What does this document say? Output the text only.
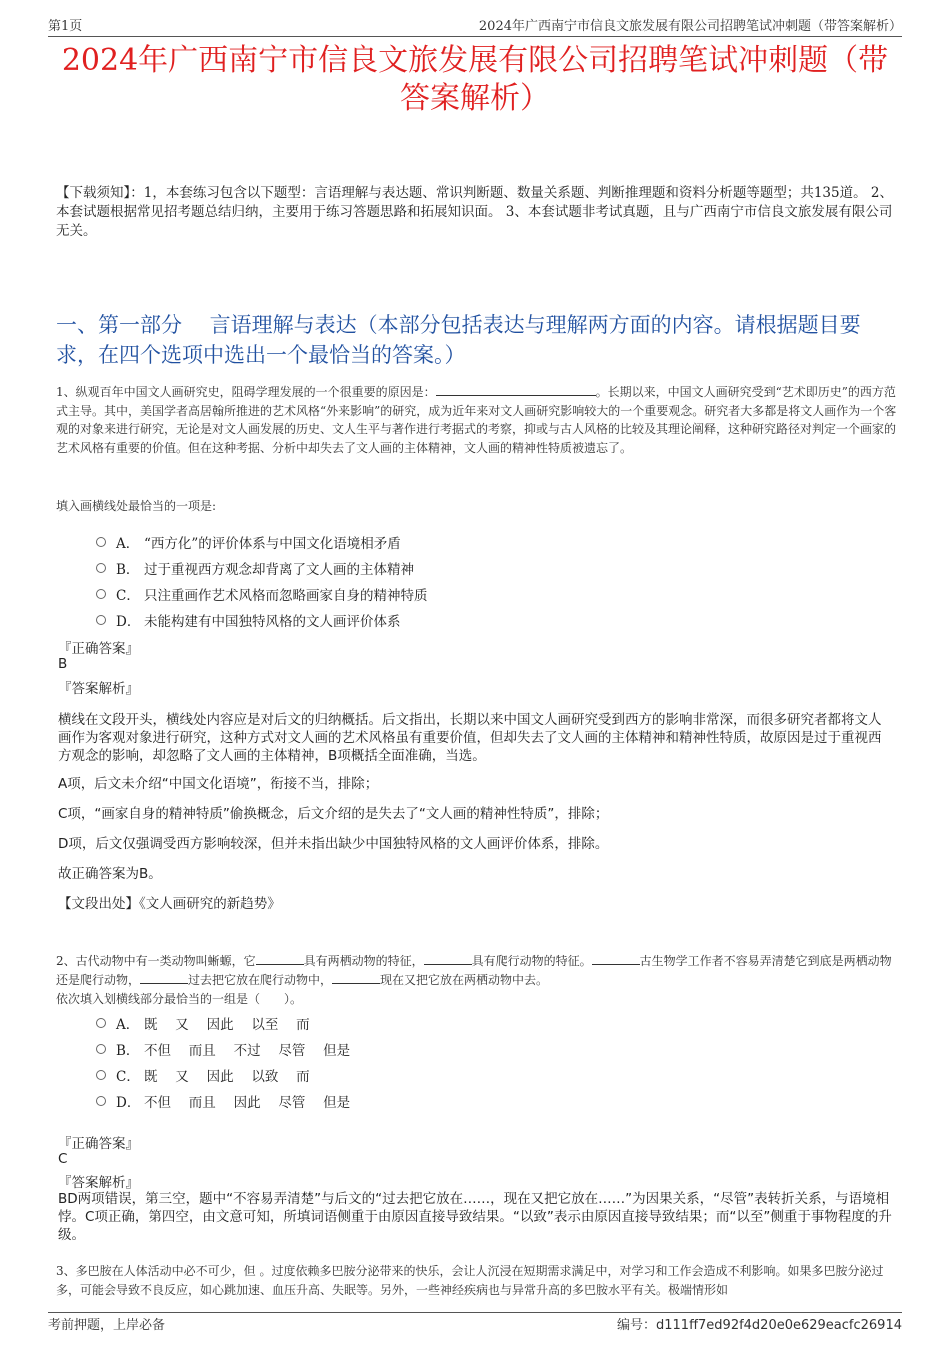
第1页	2024年广西南宁市信良文旅发展有限公司招聘笔试冲刺题（带答案解析）
2024年广西南宁市信良文旅发展有限公司招聘笔试冲刺题（带
答案解析）
【下载须知】：1，本套练习包含以下题型：言语理解与表达题、常识判断题、数量关系题、判断推理题和资料分析题等题型；共135道。 2、本套试题根据常见招考题总结归纳，主要用于练习答题思路和拓展知识面。 3、本套试题非考试真题，且与广西南宁市信良文旅发展有限公司无关。
一、第一部分　 言语理解与表达（本部分包括表达与理解两方面的内容。请根据题目要求，在四个选项中选出一个最恰当的答案。）
1、纵观百年中国文人画研究史，阻碍学理发展的一个很重要的原因是：	。长期以来，中国文人画研究受到“艺术即历史”的西方范式主导。其中，美国学者高居翰所推进的艺术风格“外来影响”的研究，成为近年来对文人画研究影响较大的一个重要观念。研究者大多都是将文人画作为一个客观的对象来进行研究，无论是对文人画发展的历史、文人生平与著作进行考据式的考察，抑或与古人风格的比较及其理论阐释，这种研究路径对判定一个画家的艺术风格有重要的价值。但在这种考据、分析中却失去了文人画的主体精神，文人画的精神性特质被遗忘了。
填入画横线处最恰当的一项是:
A． “西方化”的评价体系与中国文化语境相矛盾
B． 过于重视西方观念却背离了文人画的主体精神
C． 只注重画作艺术风格而忽略画家自身的精神特质
D． 未能构建有中国独特风格的文人画评价体系
『正确答案』
B
『答案解析』
横线在文段开头，横线处内容应是对后文的归纳概括。后文指出，长期以来中国文人画研究受到西方的影响非常深，而很多研究者都将文人画作为客观对象进行研究，这种方式对文人画的艺术风格虽有重要价值，但却失去了文人画的主体精神和精神性特质，故原因是过于重视西方观念的影响，却忽略了文人画的主体精神，B项概括全面准确，当选。
A项，后文未介绍“中国文化语境”，衔接不当，排除；
C项，“画家自身的精神特质”偷换概念，后文介绍的是失去了“文人画的精神性特质”，排除；
D项，后文仅强调受西方影响较深，但并未指出缺少中国独特风格的文人画评价体系，排除。
故正确答案为B。
【文段出处】《文人画研究的新趋势》
2、古代动物中有一类动物叫蜥螈，它	具有两栖动物的特征，	具有爬行动物的特征。	古生物学工作者不容易弄清楚它到底是两栖动物还是爬行动物，	过去把它放在爬行动物中，	现在又把它放在两栖动物中去。
依次填入划横线部分最恰当的一组是（　　）。
A． 既　 又　 因此　 以至　 而
B． 不但　 而且　 不过　 尽管　 但是
C． 既　 又　 因此　 以致　 而
D． 不但　 而且　 因此　 尽管　 但是
『正确答案』
C
『答案解析』
BD两项错误，第三空，题中“不容易弄清楚”与后文的“过去把它放在……，现在又把它放在……”为因果关系，“尽管”表转折关系，与语境相悖。C项正确，第四空，由文意可知，所填词语侧重于由原因直接导致结果。“以致”表示由原因直接导致结果；而“以至”侧重于事物程度的升级。
3、多巴胺在人体活动中必不可少，但 。过度依赖多巴胺分泌带来的快乐，会让人沉浸在短期需求满足中，对学习和工作会造成不利影响。如果多巴胺分泌过多，可能会导致不良反应，如心跳加速、血压升高、失眠等。另外，一些神经疾病也与异常升高的多巴胺水平有关。极端情形如
考前押题，上岸必备	编号：d111ff7ed92f4d20e0e629eacfc26914
